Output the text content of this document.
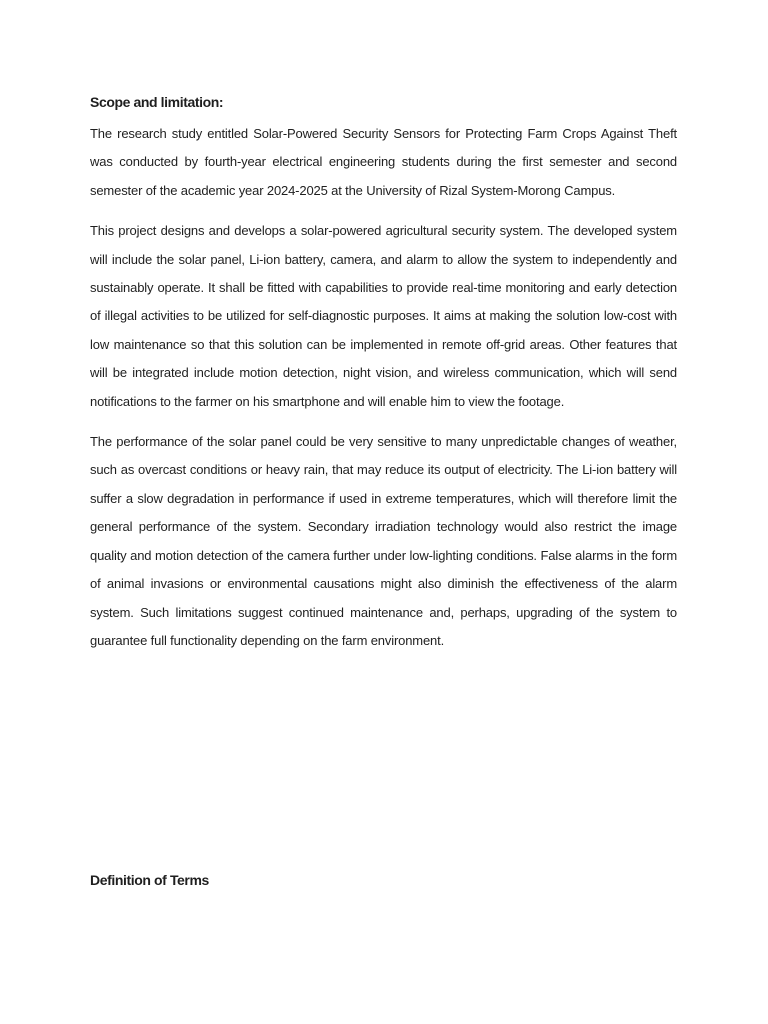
Scope and limitation:

The research study entitled Solar-Powered Security Sensors for Protecting Farm Crops Against Theft was conducted by fourth-year electrical engineering students during the first semester and second semester of the academic year 2024-2025 at the University of Rizal System-Morong Campus.

This project designs and develops a solar-powered agricultural security system. The developed system will include the solar panel, Li-ion battery, camera, and alarm to allow the system to independently and sustainably operate. It shall be fitted with capabilities to provide real-time monitoring and early detection of illegal activities to be utilized for self-diagnostic purposes. It aims at making the solution low-cost with low maintenance so that this solution can be implemented in remote off-grid areas. Other features that will be integrated include motion detection, night vision, and wireless communication, which will send notifications to the farmer on his smartphone and will enable him to view the footage.

The performance of the solar panel could be very sensitive to many unpredictable changes of weather, such as overcast conditions or heavy rain, that may reduce its output of electricity. The Li-ion battery will suffer a slow degradation in performance if used in extreme temperatures, which will therefore limit the general performance of the system. Secondary irradiation technology would also restrict the image quality and motion detection of the camera further under low-lighting conditions. False alarms in the form of animal invasions or environmental causations might also diminish the effectiveness of the alarm system. Such limitations suggest continued maintenance and, perhaps, upgrading of the system to guarantee full functionality depending on the farm environment.

Definition of Terms
